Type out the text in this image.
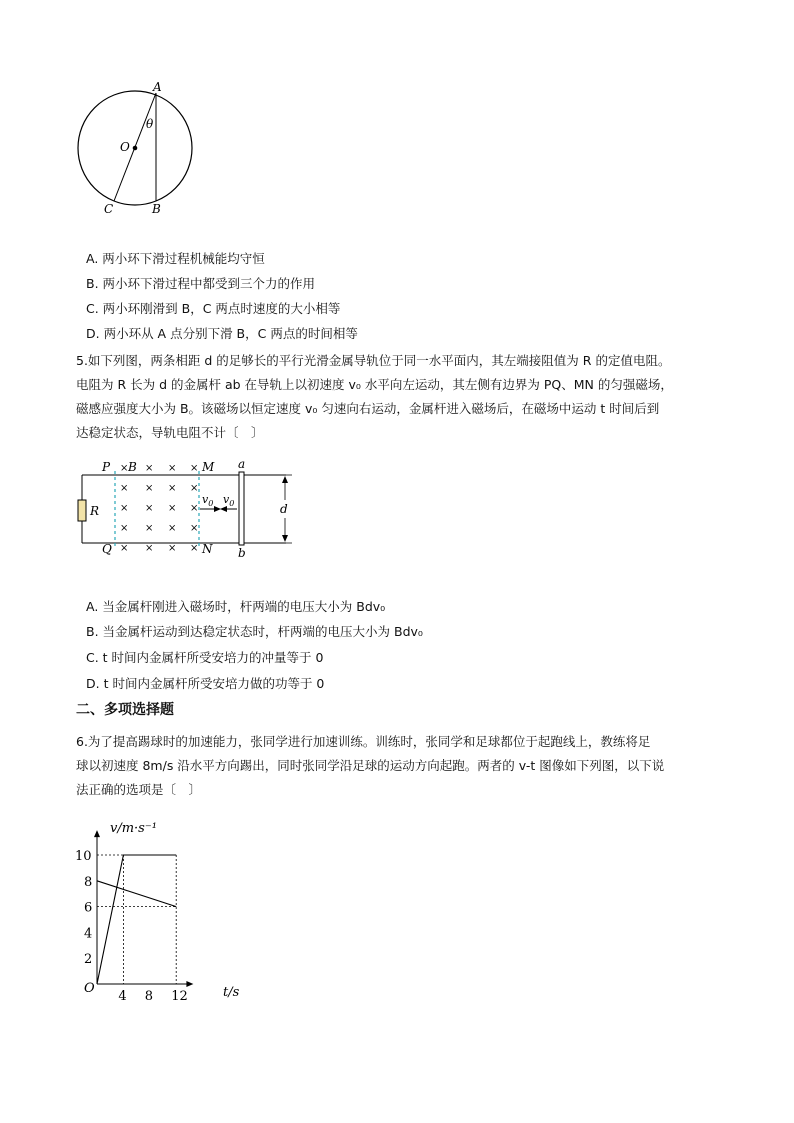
A
O
θ
C	B
A. 两小环下滑过程机械能均守恒
B. 两小环下滑过程中都受到三个力的作用
C. 两小环刚滑到 B，C 两点时速度的大小相等
D. 两小环从 A 点分别下滑 B，C 两点的时间相等
5.如下列图，两条相距 d 的足够长的平行光滑金属导轨位于同一水平面内，其左端接阻值为 R 的定值电阻。
电阻为 R 长为 d 的金属杆 ab 在导轨上以初速度 v₀ 水平向左运动，其左侧有边界为 PQ、MN 的匀强磁场，
磁感应强度大小为 B。该磁场以恒定速度 v₀ 匀速向右运动，金属杆进入磁场后，在磁场中运动 t 时间后到
达稳定状态，导轨电阻不计〔　〕
d
$v_0$ $v_0$
P
Q
M
N
B
R
a
b
× × × ×
× × × ×
× × × ×
× × × ×
× × × ×
A. 当金属杆刚进入磁场时，杆两端的电压大小为 Bdv₀
B. 当金属杆运动到达稳定状态时，杆两端的电压大小为 Bdv₀
C. t 时间内金属杆所受安培力的冲量等于 0
D. t 时间内金属杆所受安培力做的功等于 0
二、多项选择题
6.为了提高踢球时的加速能力，张同学进行加速训练。训练时，张同学和足球都位于起跑线上，教练将足
球以初速度 8m/s 沿水平方向踢出，同时张同学沿足球的运动方向起跑。两者的 v-t 图像如下列图，以下说
法正确的选项是〔　〕
v/m·s⁻¹
t/s
O
4 8 12
2
4
6
8
10
